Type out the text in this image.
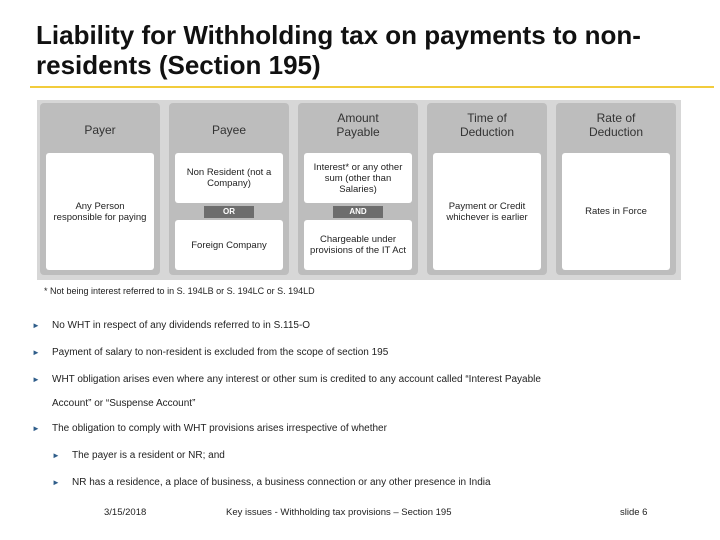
Liability for Withholding tax on payments to non-residents (Section 195)
Payer
Any Person responsible for paying
Payee
Non Resident (not a Company)
OR
Foreign Company
Amount Payable
Interest* or any other sum (other than Salaries)
AND
Chargeable under provisions of the IT Act
Time of Deduction
Payment or Credit whichever is earlier
Rate of Deduction
Rates in Force
* Not being interest referred to in S. 194LB or S. 194LC or S. 194LD
► No WHT in respect of any dividends referred to in S.115-O
► Payment of salary to non-resident is excluded from the scope of section 195
► WHT obligation arises even where any interest or other sum is credited to any account called “Interest Payable
Account” or “Suspense Account”
► The obligation to comply with WHT provisions arises irrespective of whether
► The payer is a resident or NR; and
► NR has a residence, a place of business, a business connection or any other presence in India
3/15/2018	Key issues - Withholding tax provisions – Section 195	slide 6
